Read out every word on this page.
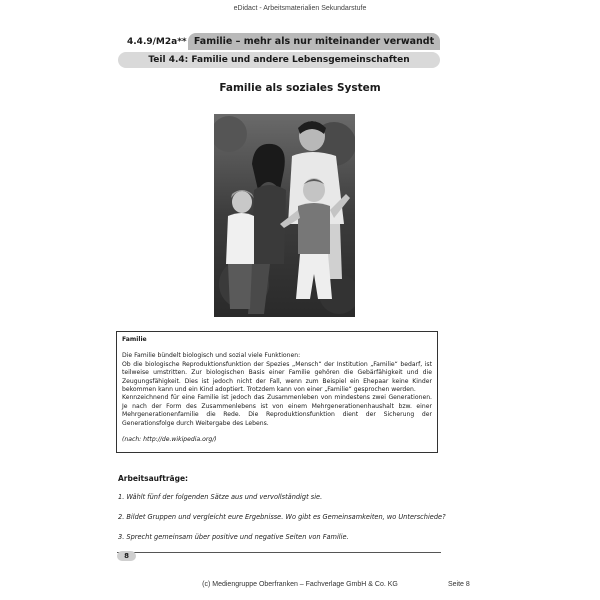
eDidact - Arbeitsmaterialien Sekundarstufe
4.4.9/M2a** Familie – mehr als nur miteinander verwandt
Teil 4.4: Familie und andere Lebensgemeinschaften
Familie als soziales System
Familie

Die Familie bündelt biologisch und sozial viele Funktionen:

Ob die biologische Reproduktionsfunktion der Spezies „Mensch“ der Institution „Familie“ bedarf, ist teilweise umstritten. Zur biologischen Basis einer Familie gehören die Gebärfähigkeit und die Zeugungsfähigkeit. Dies ist jedoch nicht der Fall, wenn zum Beispiel ein Ehepaar keine Kinder bekommen kann und ein Kind adoptiert. Trotzdem kann von einer „Familie“ gesprochen werden.

Kennzeichnend für eine Familie ist jedoch das Zusammenleben von mindestens zwei Generationen. Je nach der Form des Zusammenlebens ist von einem Mehrgenerationenhaushalt bzw. einer Mehrgenerationenfamilie die Rede. Die Reproduktionsfunktion dient der Sicherung der Generationsfolge durch Weitergabe des Lebens.

(nach: http://de.wikipedia.org/)

Arbeitsaufträge:
1. Wählt fünf der folgenden Sätze aus und vervollständigt sie.
2. Bildet Gruppen und vergleicht eure Ergebnisse. Wo gibt es Gemeinsamkeiten, wo Unterschiede?
3. Sprecht gemeinsam über positive und negative Seiten von Familie.
8
(c) Mediengruppe Oberfranken – Fachverlage GmbH & Co. KG	Seite 8
